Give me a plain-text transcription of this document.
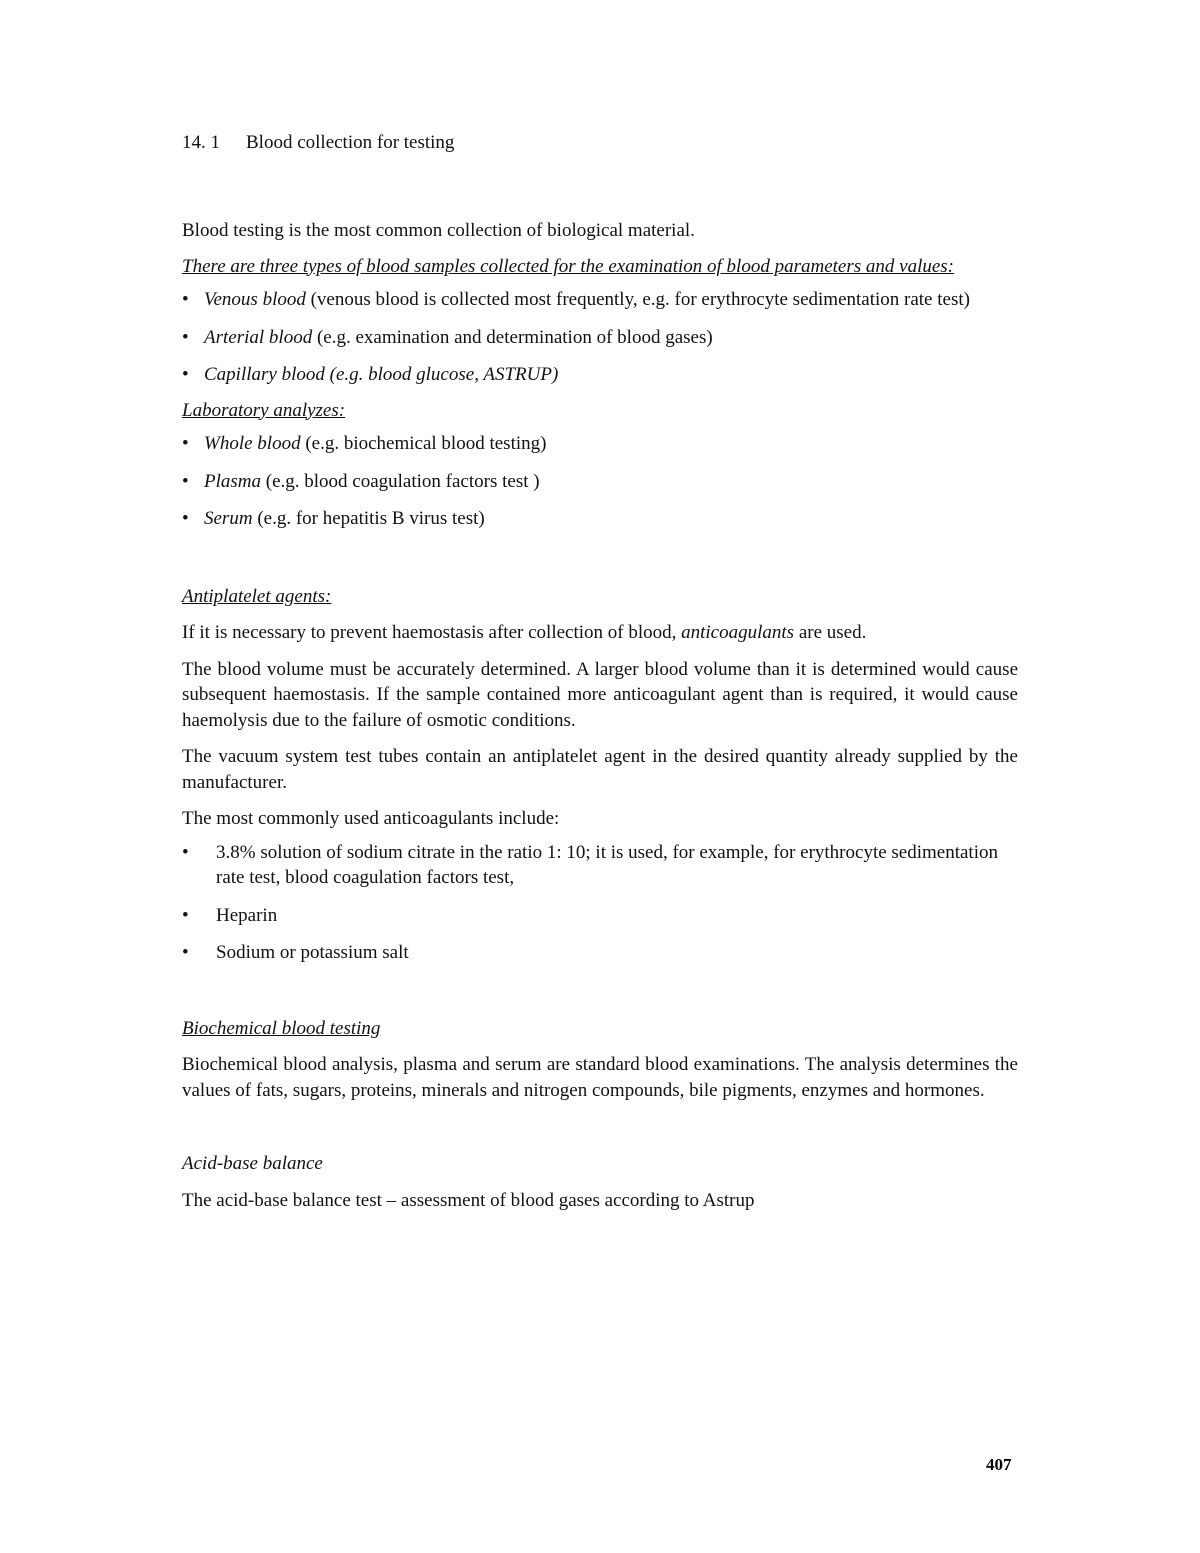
14. 1 Blood collection for testing

Blood testing is the most common collection of biological material.

There are three types of blood samples collected for the examination of blood parameters and values:

• Venous blood (venous blood is collected most frequently, e.g. for erythrocyte sedimentation rate test)
• Arterial blood (e.g. examination and determination of blood gases)
• Capillary blood (e.g. blood glucose, ASTRUP)

Laboratory analyzes:

• Whole blood (e.g. biochemical blood testing)
• Plasma (e.g. blood coagulation factors test )
• Serum (e.g. for hepatitis B virus test)

Antiplatelet agents:

If it is necessary to prevent haemostasis after collection of blood, anticoagulants are used.

The blood volume must be accurately determined. A larger blood volume than it is determined would cause subsequent haemostasis. If the sample contained more anticoagulant agent than is required, it would cause haemolysis due to the failure of osmotic conditions.

The vacuum system test tubes contain an antiplatelet agent in the desired quantity already supplied by the manufacturer.

The most commonly used anticoagulants include:

• 3.8% solution of sodium citrate in the ratio 1: 10; it is used, for example, for erythrocyte sedimentation rate test, blood coagulation factors test,
• Heparin
• Sodium or potassium salt

Biochemical blood testing

Biochemical blood analysis, plasma and serum are standard blood examinations. The analysis determines the values of fats, sugars, proteins, minerals and nitrogen compounds, bile pigments, enzymes and hormones.

Acid-base balance

The acid-base balance test – assessment of blood gases according to Astrup

407
